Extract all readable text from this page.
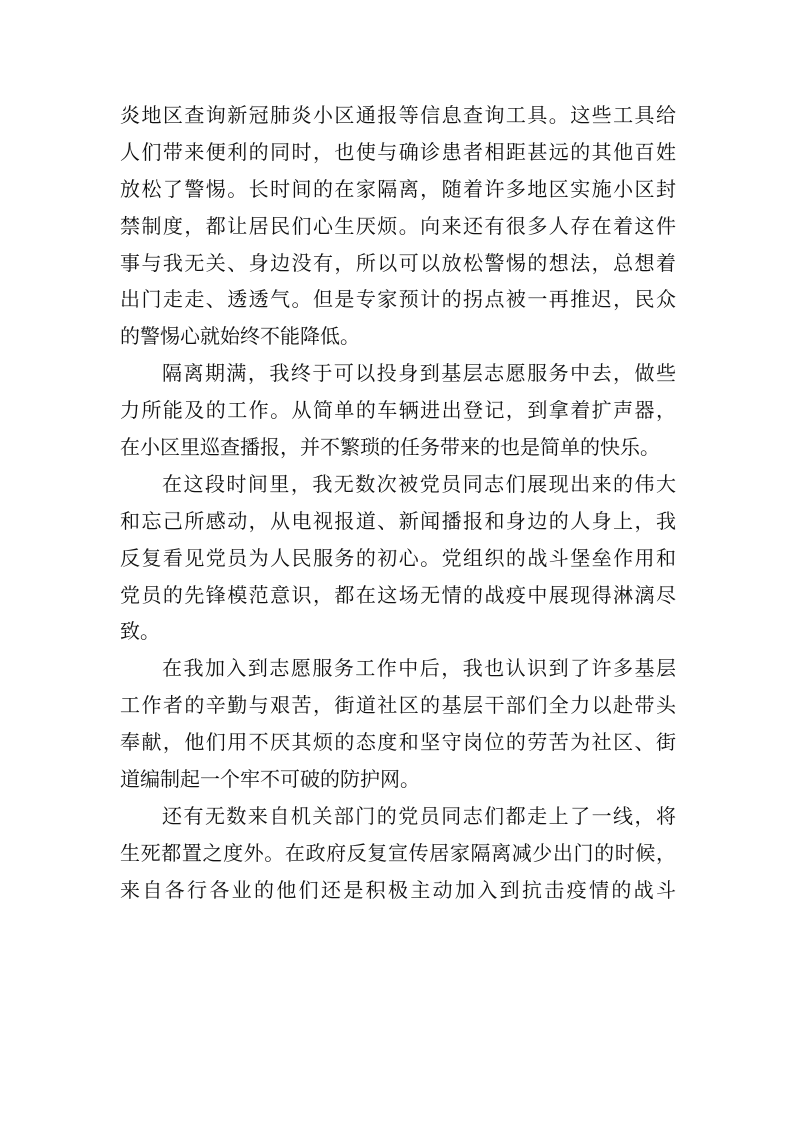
炎地区查询新冠肺炎小区通报等信息查询工具。这些工具给
人们带来便利的同时，也使与确诊患者相距甚远的其他百姓
放松了警惕。长时间的在家隔离，随着许多地区实施小区封
禁制度，都让居民们心生厌烦。向来还有很多人存在着这件
事与我无关、身边没有，所以可以放松警惕的想法，总想着
出门走走、透透气。但是专家预计的拐点被一再推迟，民众
的警惕心就始终不能降低。
隔离期满，我终于可以投身到基层志愿服务中去，做些
力所能及的工作。从简单的车辆进出登记，到拿着扩声器，
在小区里巡查播报，并不繁琐的任务带来的也是简单的快乐。
在这段时间里，我无数次被党员同志们展现出来的伟大
和忘己所感动，从电视报道、新闻播报和身边的人身上，我
反复看见党员为人民服务的初心。党组织的战斗堡垒作用和
党员的先锋模范意识，都在这场无情的战疫中展现得淋漓尽
致。
在我加入到志愿服务工作中后，我也认识到了许多基层
工作者的辛勤与艰苦，街道社区的基层干部们全力以赴带头
奉献，他们用不厌其烦的态度和坚守岗位的劳苦为社区、街
道编制起一个牢不可破的防护网。
还有无数来自机关部门的党员同志们都走上了一线，将
生死都置之度外。在政府反复宣传居家隔离减少出门的时候，
来自各行各业的他们还是积极主动加入到抗击疫情的战斗
